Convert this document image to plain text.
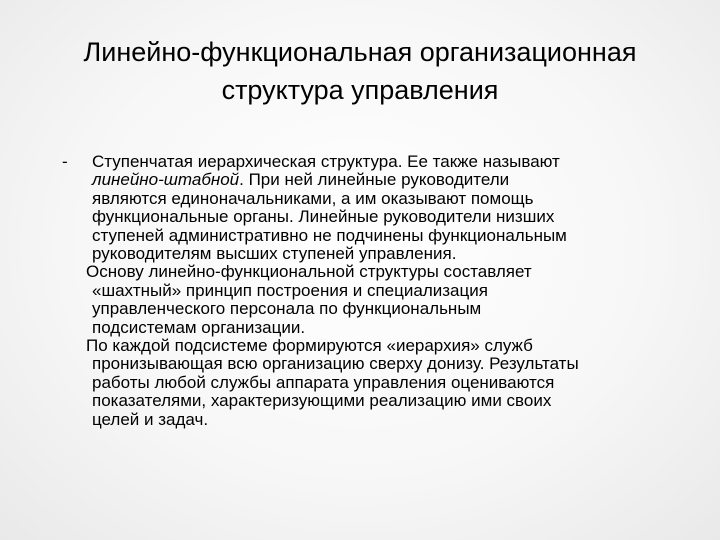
Линейно-функциональная организационная
структура управления
- Ступенчатая иерархическая структура. Ее также называют
линейно-штабной. При ней линейные руководители
являются единоначальниками, а им оказывают помощь
функциональные органы. Линейные руководители низших
ступеней административно не подчинены функциональным
руководителям высших ступеней управления.
Основу линейно-функциональной структуры составляет
«шахтный» принцип построения и специализация
управленческого персонала по функциональным
подсистемам организации.
По каждой подсистеме формируются «иерархия» служб
пронизывающая всю организацию сверху донизу. Результаты
работы любой службы аппарата управления оцениваются
показателями, характеризующими реализацию ими своих
целей и задач.
